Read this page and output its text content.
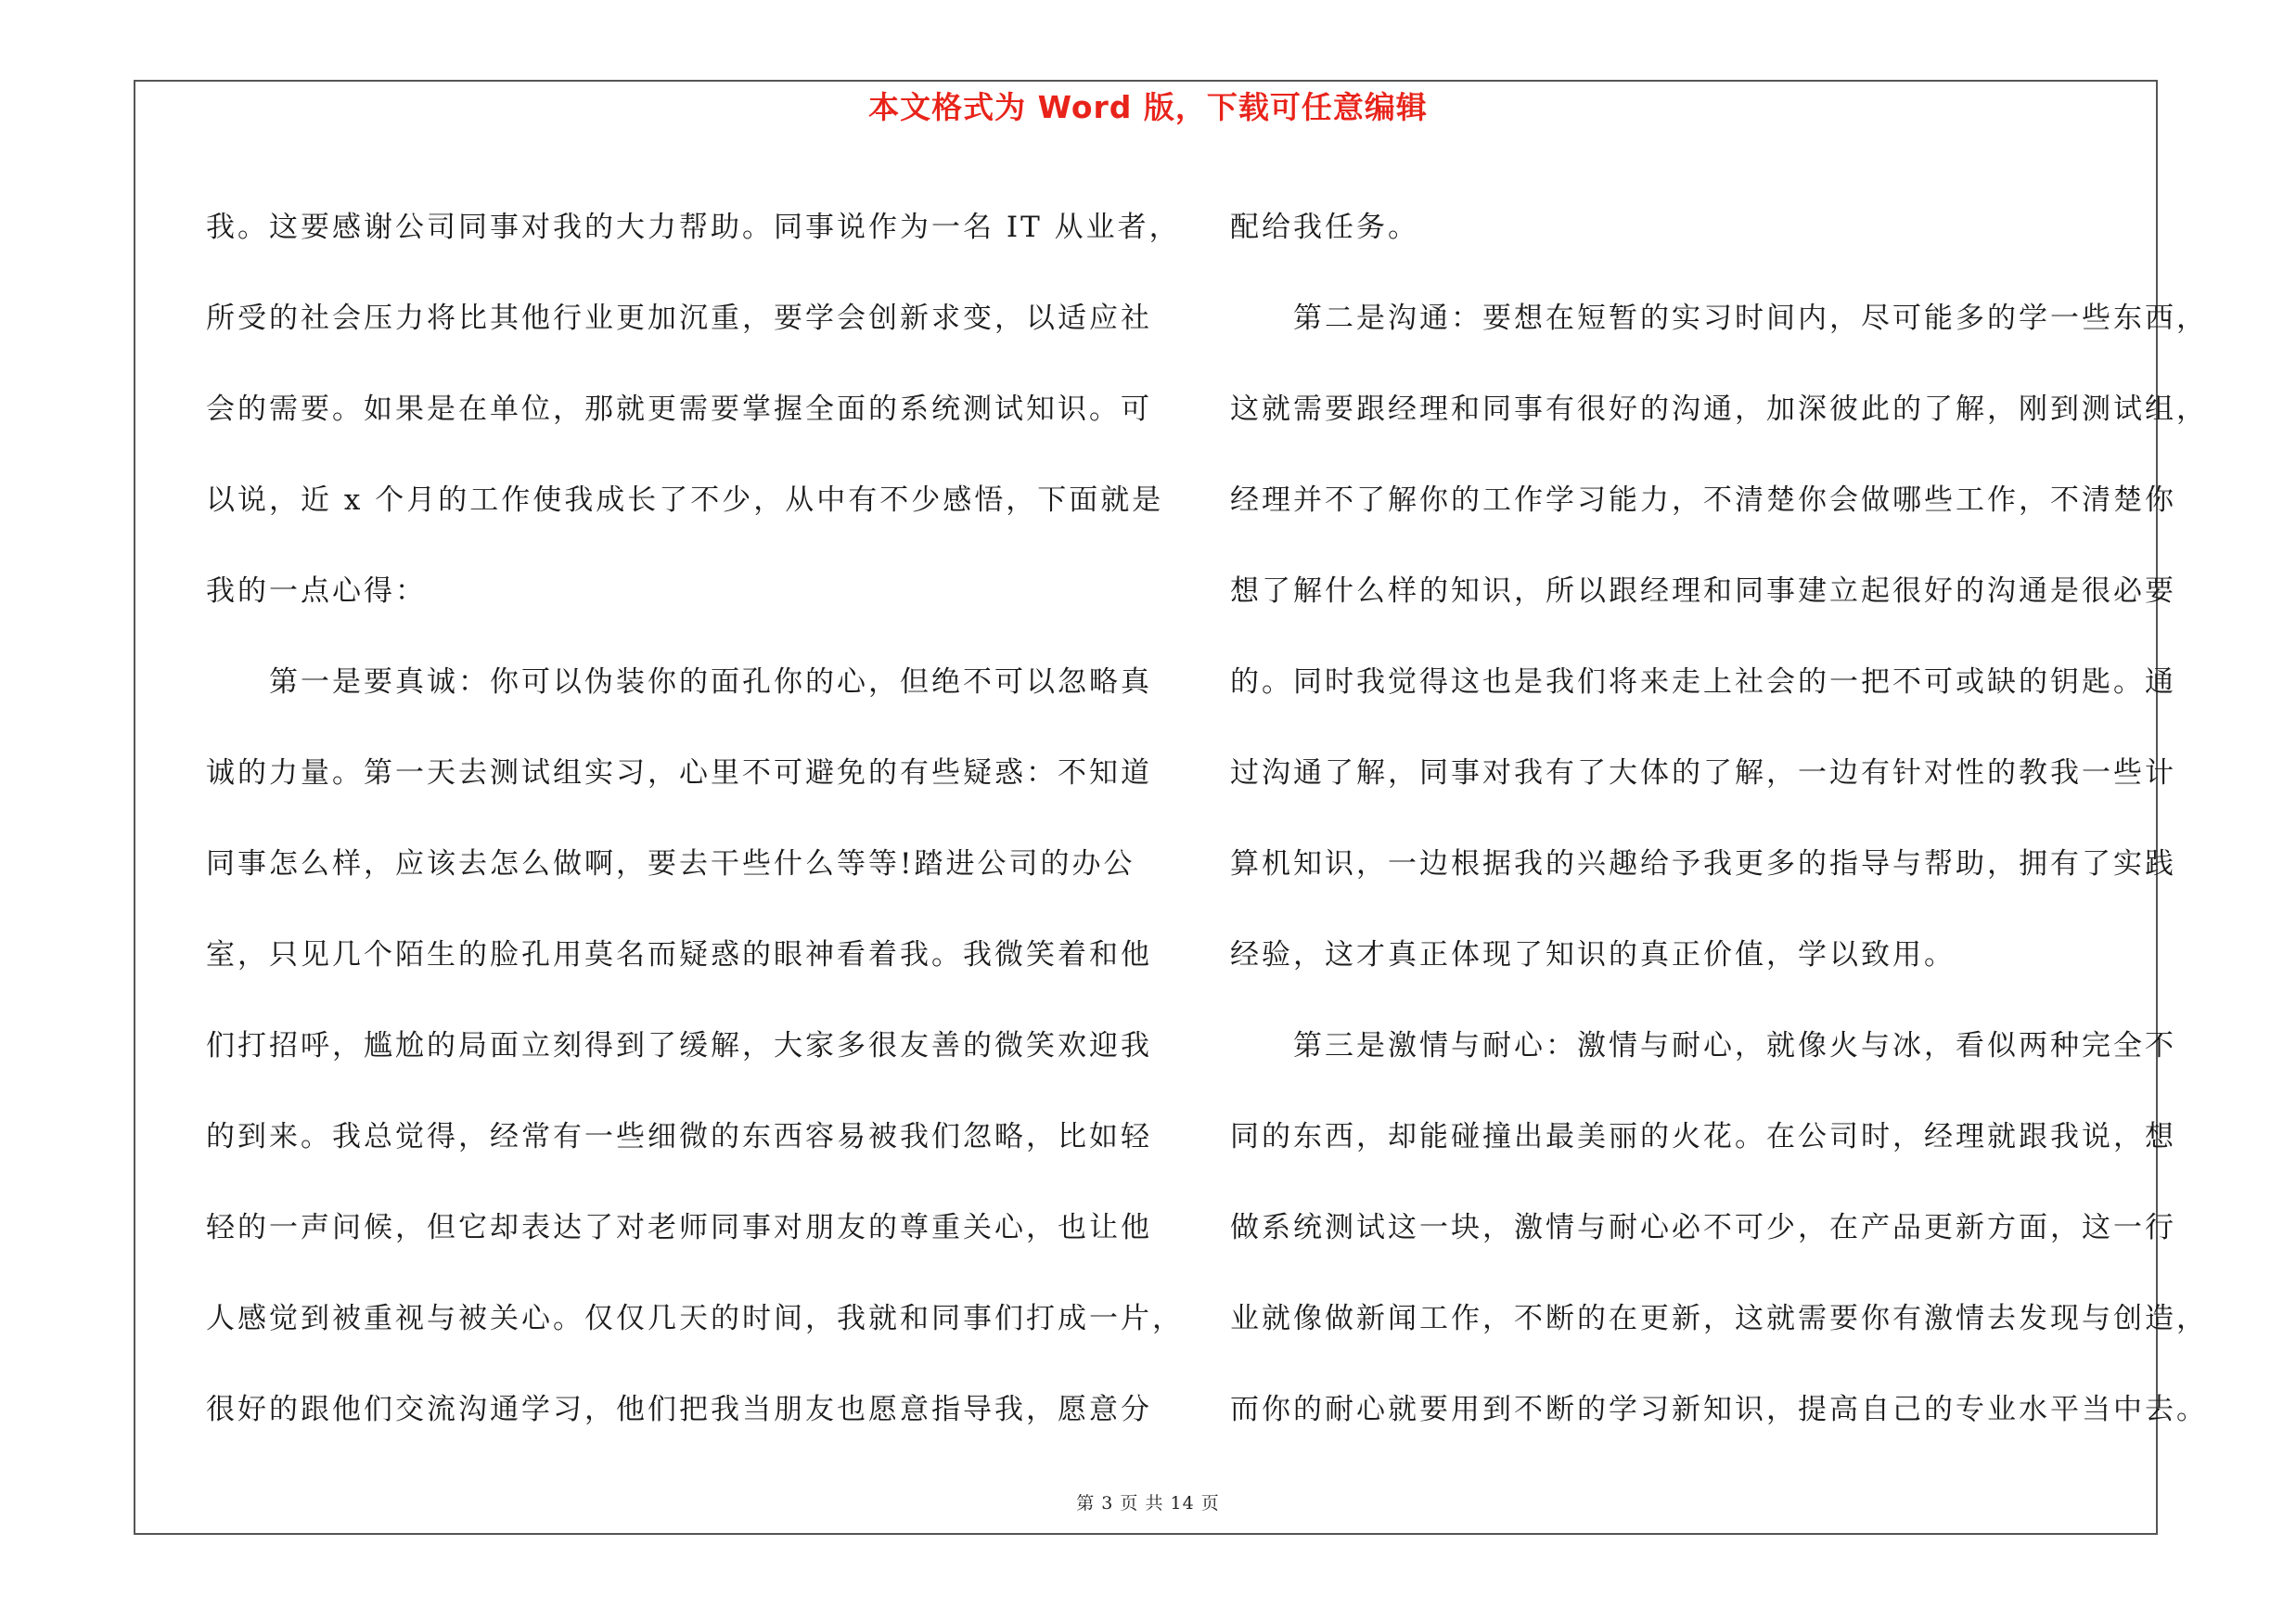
本文格式为 Word 版，下载可任意编辑
我。这要感谢公司同事对我的大力帮助。同事说作为一名 IT 从业者，
所受的社会压力将比其他行业更加沉重，要学会创新求变，以适应社
会的需要。如果是在单位，那就更需要掌握全面的系统测试知识。可
以说，近 x 个月的工作使我成长了不少，从中有不少感悟，下面就是
我的一点心得：
　　第一是要真诚：你可以伪装你的面孔你的心，但绝不可以忽略真
诚的力量。第一天去测试组实习，心里不可避免的有些疑惑：不知道
同事怎么样，应该去怎么做啊，要去干些什么等等!踏进公司的办公
室，只见几个陌生的脸孔用莫名而疑惑的眼神看着我。我微笑着和他
们打招呼，尴尬的局面立刻得到了缓解，大家多很友善的微笑欢迎我
的到来。我总觉得，经常有一些细微的东西容易被我们忽略，比如轻
轻的一声问候，但它却表达了对老师同事对朋友的尊重关心，也让他
人感觉到被重视与被关心。仅仅几天的时间，我就和同事们打成一片，
很好的跟他们交流沟通学习，他们把我当朋友也愿意指导我，愿意分
配给我任务。
　　第二是沟通：要想在短暂的实习时间内，尽可能多的学一些东西，
这就需要跟经理和同事有很好的沟通，加深彼此的了解，刚到测试组，
经理并不了解你的工作学习能力，不清楚你会做哪些工作，不清楚你
想了解什么样的知识，所以跟经理和同事建立起很好的沟通是很必要
的。同时我觉得这也是我们将来走上社会的一把不可或缺的钥匙。通
过沟通了解，同事对我有了大体的了解，一边有针对性的教我一些计
算机知识，一边根据我的兴趣给予我更多的指导与帮助，拥有了实践
经验，这才真正体现了知识的真正价值，学以致用。
　　第三是激情与耐心：激情与耐心，就像火与冰，看似两种完全不
同的东西，却能碰撞出最美丽的火花。在公司时，经理就跟我说，想
做系统测试这一块，激情与耐心必不可少，在产品更新方面，这一行
业就像做新闻工作，不断的在更新，这就需要你有激情去发现与创造，
而你的耐心就要用到不断的学习新知识，提高自己的专业水平当中去。
第 3 页 共 14 页
